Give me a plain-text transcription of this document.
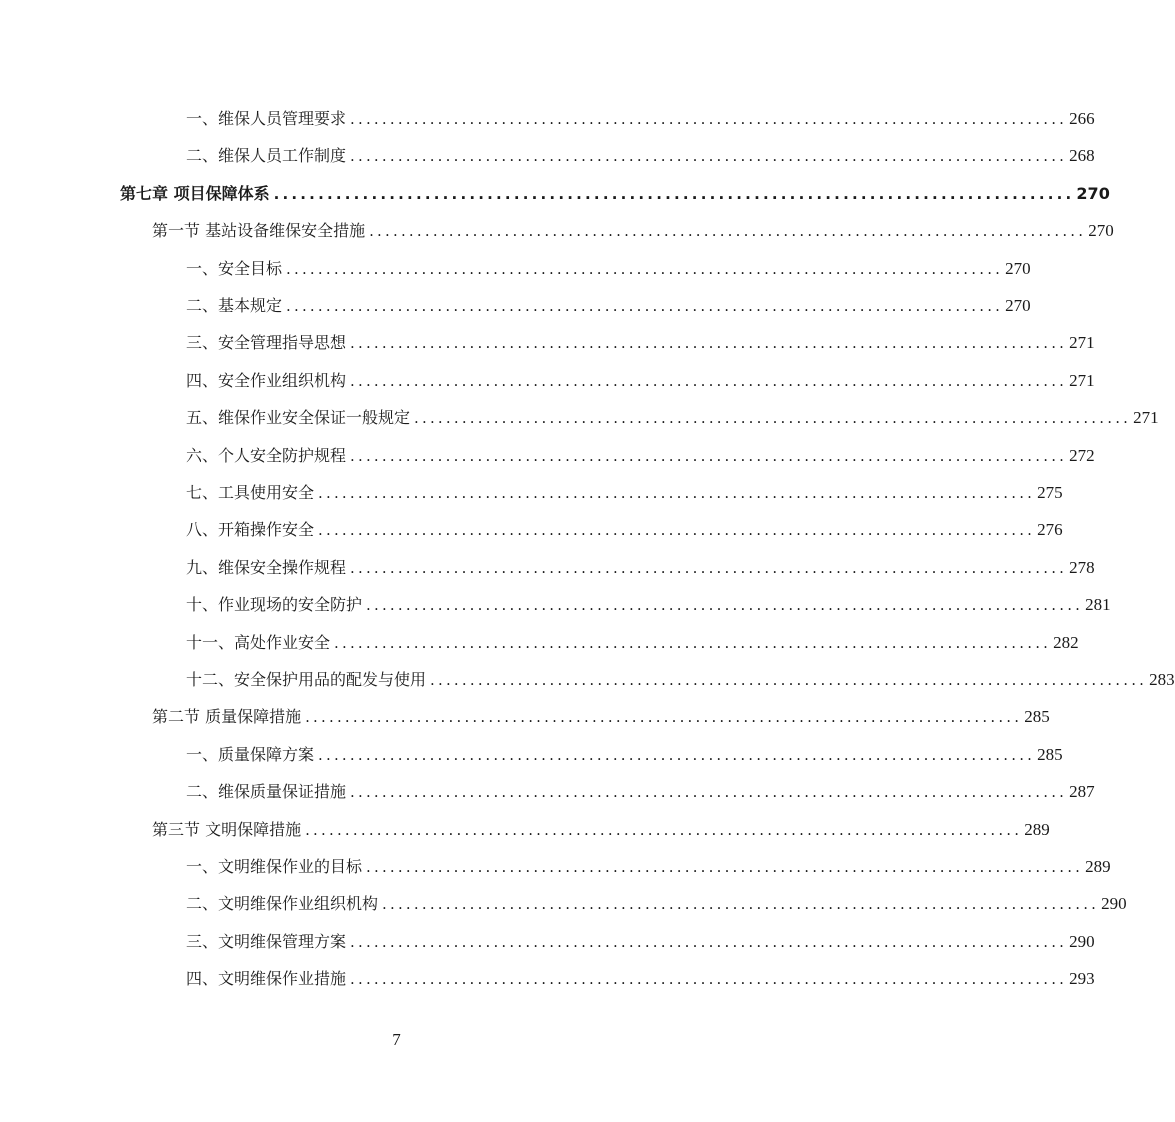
一、维保人员管理要求 .......................................................................................... 266
二、维保人员工作制度 .......................................................................................... 268
第七章 项目保障体系 .......................................................................................... 270
第一节 基站设备维保安全措施 .......................................................................................... 270
一、安全目标 .......................................................................................... 270
二、基本规定 .......................................................................................... 270
三、安全管理指导思想 .......................................................................................... 271
四、安全作业组织机构 .......................................................................................... 271
五、维保作业安全保证一般规定 .......................................................................................... 271
六、个人安全防护规程 .......................................................................................... 272
七、工具使用安全 .......................................................................................... 275
八、开箱操作安全 .......................................................................................... 276
九、维保安全操作规程 .......................................................................................... 278
十、作业现场的安全防护 .......................................................................................... 281
十一、高处作业安全 .......................................................................................... 282
十二、安全保护用品的配发与使用 .......................................................................................... 283
第二节 质量保障措施 .......................................................................................... 285
一、质量保障方案 .......................................................................................... 285
二、维保质量保证措施 .......................................................................................... 287
第三节 文明保障措施 .......................................................................................... 289
一、文明维保作业的目标 .......................................................................................... 289
二、文明维保作业组织机构 .......................................................................................... 290
三、文明维保管理方案 .......................................................................................... 290
四、文明维保作业措施 .......................................................................................... 293
7
